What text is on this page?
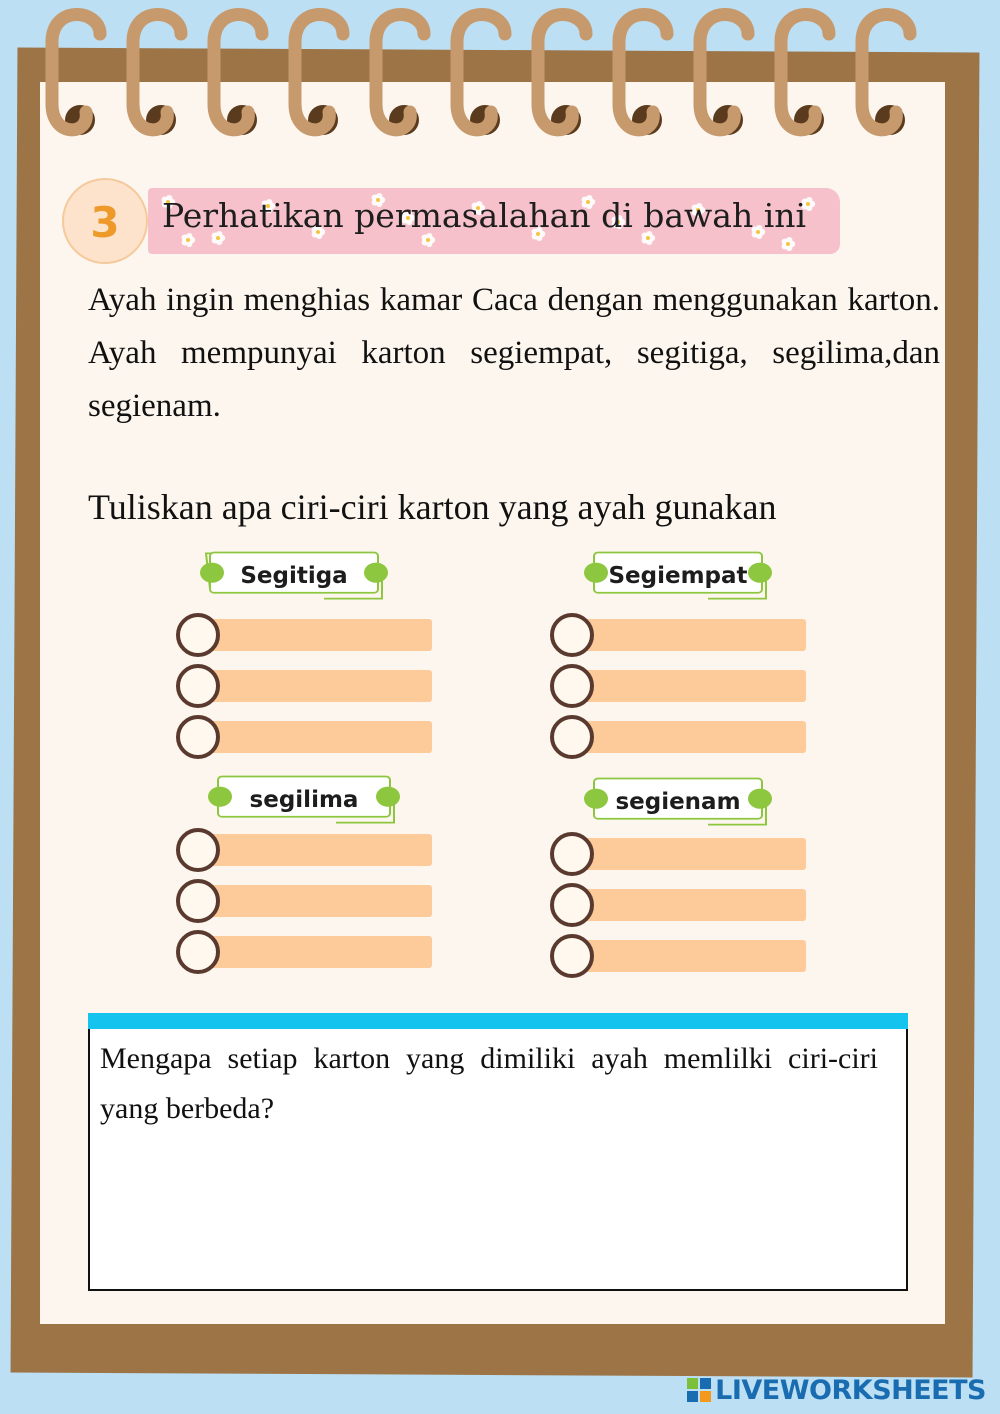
3	Perhatikan permasalahan di bawah ini
Ayah ingin menghias kamar Caca dengan menggunakan karton. Ayah mempunyai karton segiempat, segitiga, segilima,dan segienam.
Tuliskan apa ciri-ciri karton yang ayah gunakan
Segitiga	Segiempat
segilima	segienam
Mengapa setiap karton yang dimiliki ayah memlilki ciri-ciri yang berbeda?
LIVEWORKSHEETS
